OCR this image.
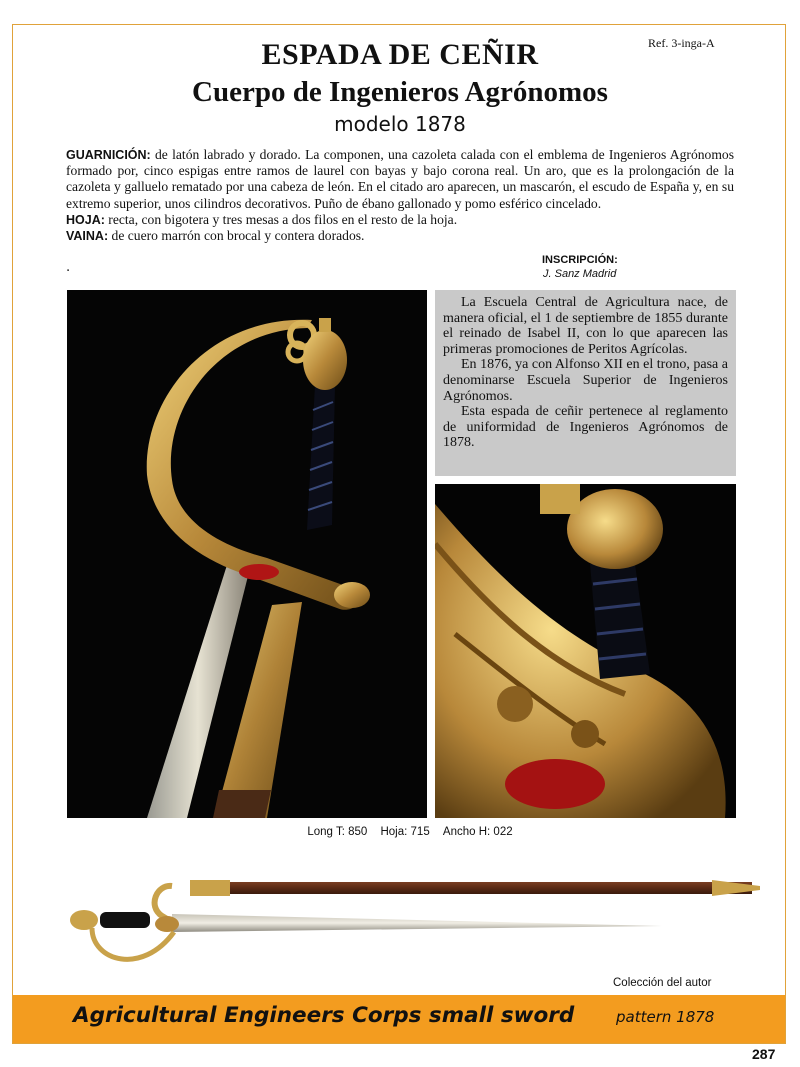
Ref. 3-inga-A
ESPADA DE CEÑIR
Cuerpo de Ingenieros Agrónomos
modelo 1878

GUARNICIÓN: de latón labrado y dorado. La componen, una cazoleta calada con el emblema de Ingenieros Agrónomos formado por, cinco espigas entre ramos de laurel con bayas y bajo corona real. Un aro, que es la prolongación de la cazoleta y galluelo rematado por una cabeza de león. En el citado aro aparecen, un mascarón, el escudo de España y, en su extremo superior, unos cilindros decorativos. Puño de ébano gallonado y pomo esférico cincelado.

HOJA: recta, con bigotera y tres mesas a dos filos en el resto de la hoja.

VAINA: de cuero marrón con brocal y contera dorados.

.	INSCRIPCIÓN:
J. Sanz Madrid

La Escuela Central de Agricultura nace, de manera oficial, el 1 de septiembre de 1855 durante el reinado de Isabel II, con lo que aparecen las primeras promociones de Peritos Agrícolas.

En 1876, ya con Alfonso XII en el trono, pasa a denominarse Escuela Superior de Ingenieros Agrónomos.

Esta espada de ceñir pertenece al reglamento de uniformidad de Ingenieros Agrónomos de 1878.

Long T: 850 Hoja: 715 Ancho H: 022
Colección del autor
Agricultural Engineers Corps small sword	pattern 1878
287
